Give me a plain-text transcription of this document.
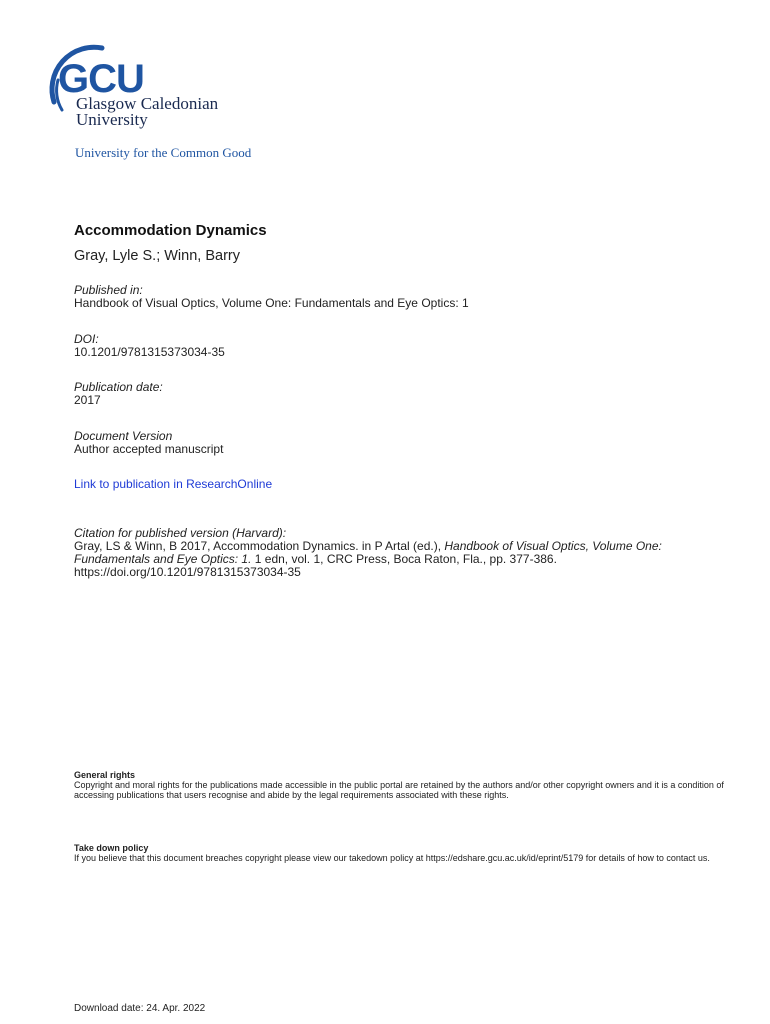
GCU
Glasgow Caledonian
University
University for the Common Good
Accommodation Dynamics
Gray, Lyle S.; Winn, Barry
Published in:
Handbook of Visual Optics, Volume One: Fundamentals and Eye Optics: 1
DOI:
10.1201/9781315373034-35
Publication date:
2017
Document Version
Author accepted manuscript
Link to publication in ResearchOnline
Citation for published version (Harvard):
Gray, LS & Winn, B 2017, Accommodation Dynamics. in P Artal (ed.), Handbook of Visual Optics, Volume One: Fundamentals and Eye Optics: 1. 1 edn, vol. 1, CRC Press, Boca Raton, Fla., pp. 377-386.
https://doi.org/10.1201/9781315373034-35
General rights
Copyright and moral rights for the publications made accessible in the public portal are retained by the authors and/or other copyright owners and it is a condition of accessing publications that users recognise and abide by the legal requirements associated with these rights.
Take down policy
If you believe that this document breaches copyright please view our takedown policy at https://edshare.gcu.ac.uk/id/eprint/5179 for details of how to contact us.
Download date: 24. Apr. 2022
